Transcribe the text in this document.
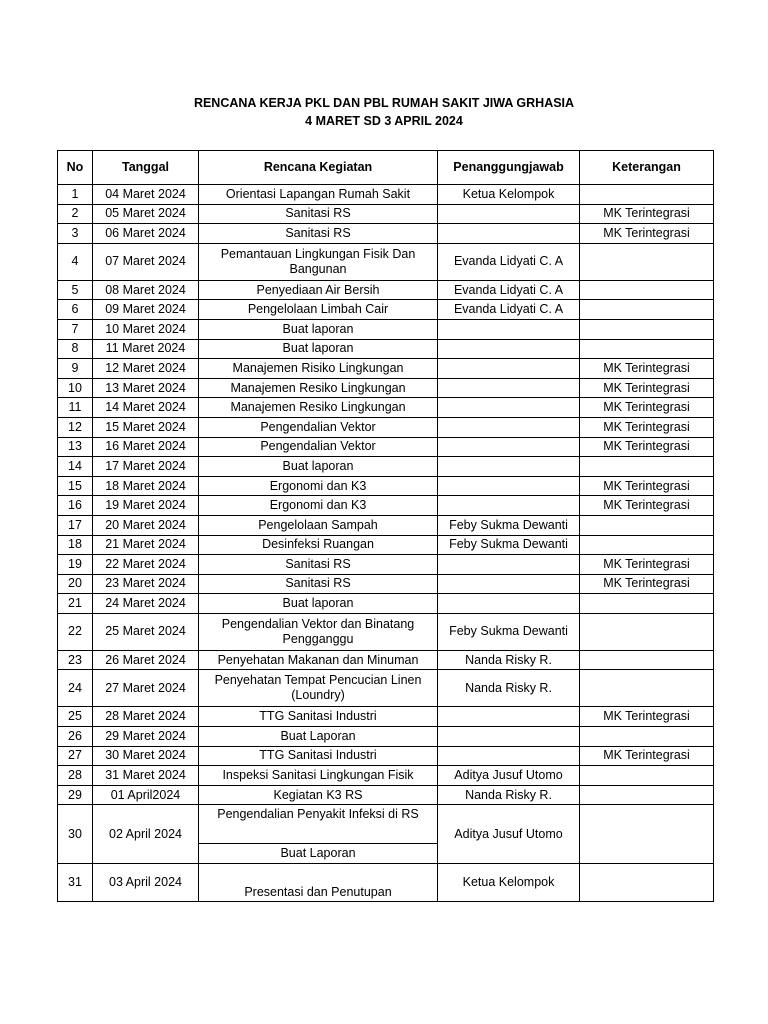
RENCANA KERJA PKL DAN PBL RUMAH SAKIT JIWA GRHASIA
4 MARET SD 3 APRIL 2024
No	Tanggal	Rencana Kegiatan	Penanggungjawab	Keterangan
1	04 Maret 2024	Orientasi Lapangan Rumah Sakit	Ketua Kelompok	
2	05 Maret 2024	Sanitasi RS		MK Terintegrasi
3	06 Maret 2024	Sanitasi RS		MK Terintegrasi
4	07 Maret 2024	Pemantauan Lingkungan Fisik Dan Bangunan	Evanda Lidyati C. A	
5	08 Maret 2024	Penyediaan Air Bersih	Evanda Lidyati C. A	
6	09 Maret 2024	Pengelolaan Limbah Cair	Evanda Lidyati C. A	
7	10 Maret 2024	Buat laporan		
8	11 Maret 2024	Buat laporan		
9	12 Maret 2024	Manajemen Risiko Lingkungan		MK Terintegrasi
10	13 Maret 2024	Manajemen Resiko Lingkungan		MK Terintegrasi
11	14 Maret 2024	Manajemen Resiko Lingkungan		MK Terintegrasi
12	15 Maret 2024	Pengendalian Vektor		MK Terintegrasi
13	16 Maret 2024	Pengendalian Vektor		MK Terintegrasi
14	17 Maret 2024	Buat laporan		
15	18 Maret 2024	Ergonomi dan K3		MK Terintegrasi
16	19 Maret 2024	Ergonomi dan K3		MK Terintegrasi
17	20 Maret 2024	Pengelolaan Sampah	Feby Sukma Dewanti	
18	21 Maret 2024	Desinfeksi Ruangan	Feby Sukma Dewanti	
19	22 Maret 2024	Sanitasi RS		MK Terintegrasi
20	23 Maret 2024	Sanitasi RS		MK Terintegrasi
21	24 Maret 2024	Buat laporan		
22	25 Maret 2024	Pengendalian Vektor dan Binatang Pengganggu	Feby Sukma Dewanti	
23	26 Maret 2024	Penyehatan Makanan dan Minuman	Nanda Risky R.	
24	27 Maret 2024	Penyehatan Tempat Pencucian Linen (Loundry)	Nanda Risky R.	
25	28 Maret 2024	TTG Sanitasi Industri		MK Terintegrasi
26	29 Maret 2024	Buat Laporan		
27	30 Maret 2024	TTG Sanitasi Industri		MK Terintegrasi
28	31 Maret 2024	Inspeksi Sanitasi Lingkungan Fisik	Aditya Jusuf Utomo	
29	01 April2024	Kegiatan K3 RS	Nanda Risky R.	
30	02 April 2024	Pengendalian Penyakit Infeksi di RS	Aditya Jusuf Utomo	
		Buat Laporan		
31	03 April 2024	Presentasi dan Penutupan	Ketua Kelompok	
